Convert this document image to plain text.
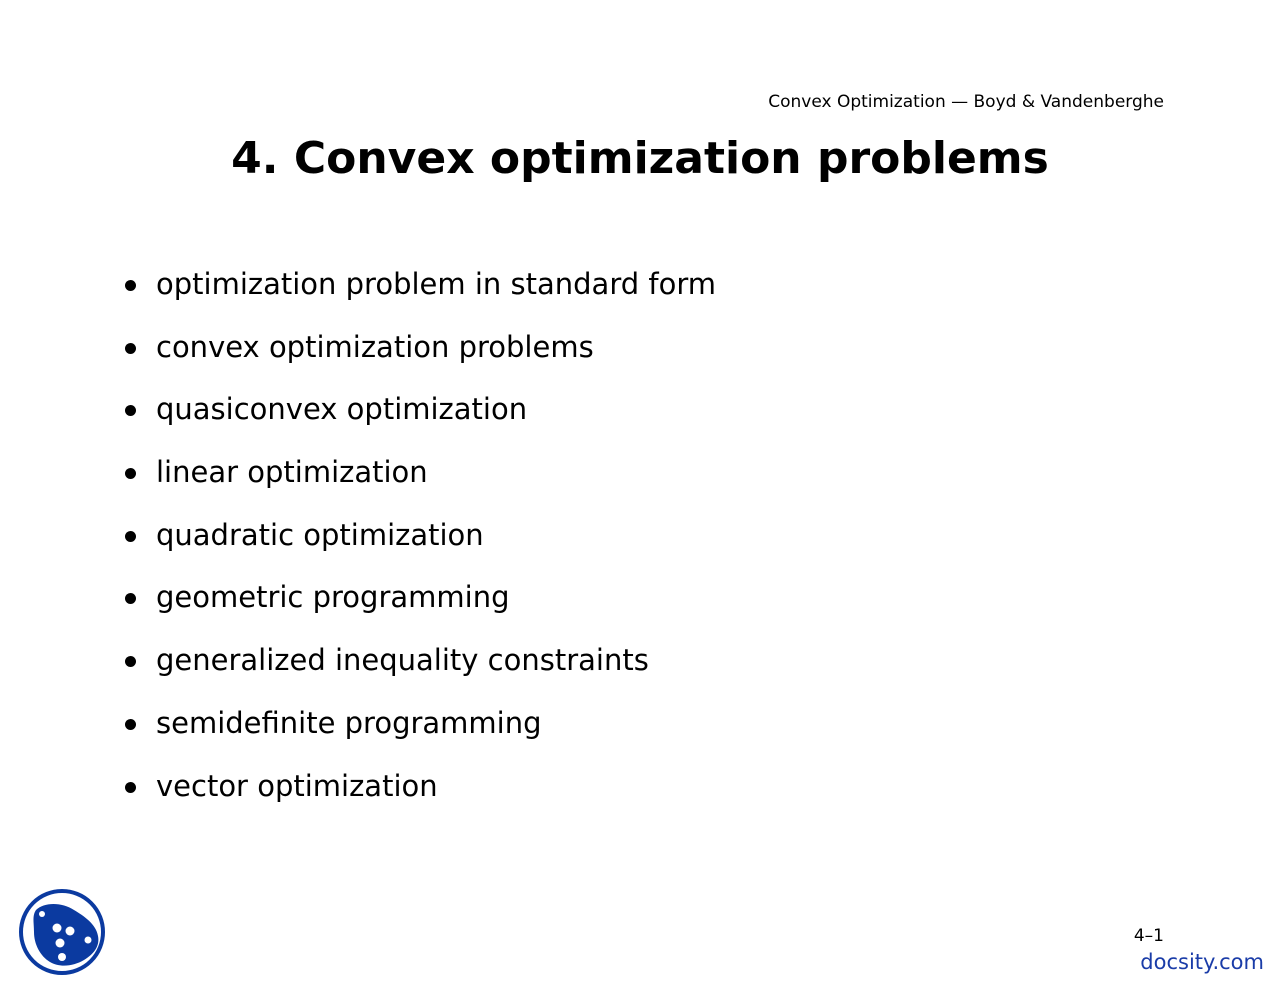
Convex Optimization — Boyd & Vandenberghe
4. Convex optimization problems
optimization problem in standard form
convex optimization problems
quasiconvex optimization
linear optimization
quadratic optimization
geometric programming
generalized inequality constraints
semidefinite programming
vector optimization
4–1
docsity.com
